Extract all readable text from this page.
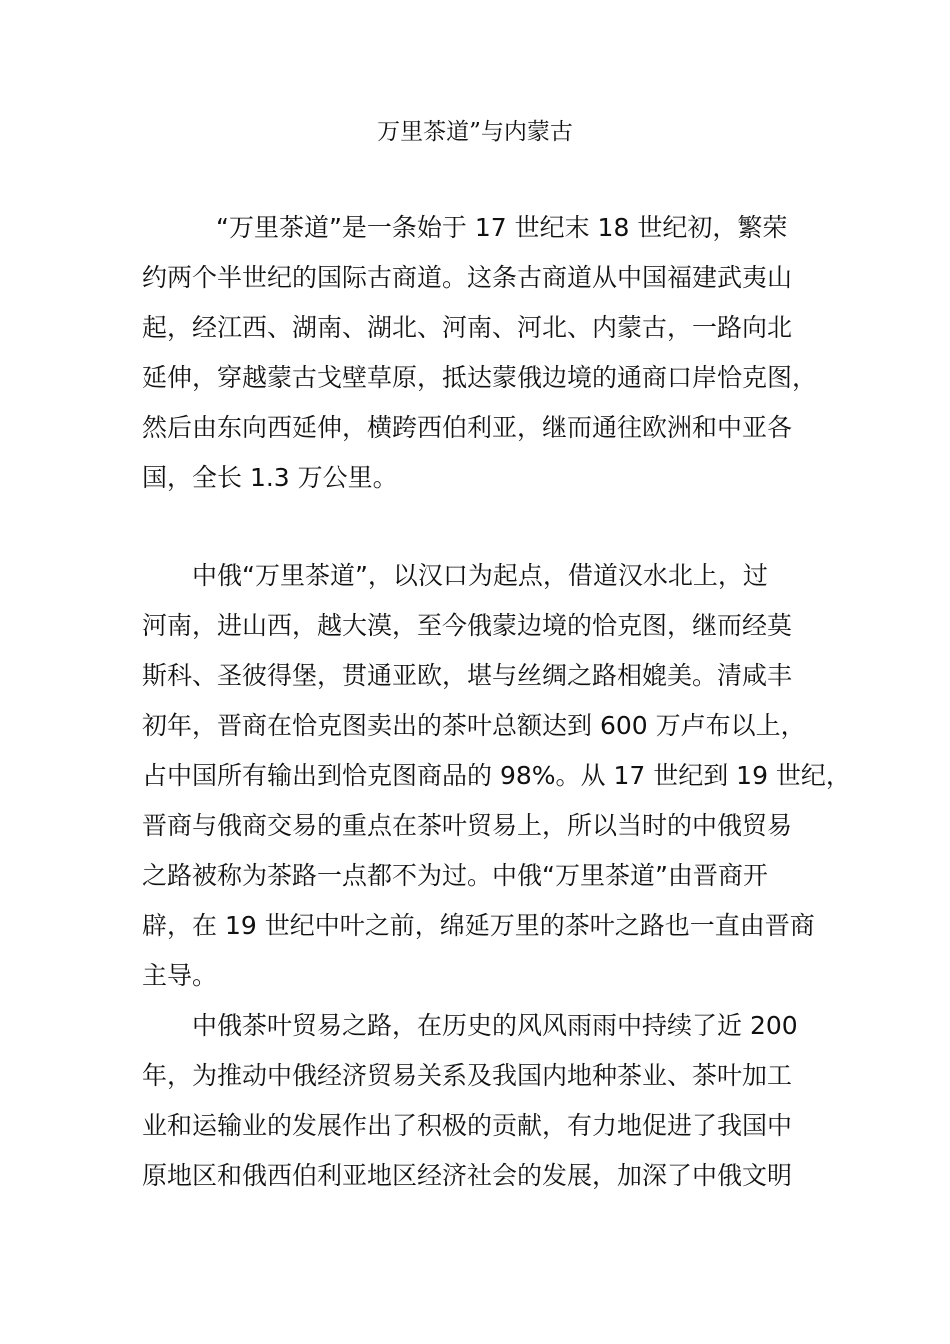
万里茶道”与内蒙古
“万里茶道”是一条始于 17 世纪末 18 世纪初，繁荣
约两个半世纪的国际古商道。这条古商道从中国福建武夷山
起，经江西、湖南、湖北、河南、河北、内蒙古，一路向北
延伸，穿越蒙古戈壁草原，抵达蒙俄边境的通商口岸恰克图，
然后由东向西延伸，横跨西伯利亚，继而通往欧洲和中亚各
国，全长 1.3 万公里。
中俄“万里茶道”，以汉口为起点，借道汉水北上，过
河南，进山西，越大漠，至今俄蒙边境的恰克图，继而经莫
斯科、圣彼得堡，贯通亚欧，堪与丝绸之路相媲美。清咸丰
初年，晋商在恰克图卖出的茶叶总额达到 600 万卢布以上，
占中国所有输出到恰克图商品的 98%。从 17 世纪到 19 世纪，
晋商与俄商交易的重点在茶叶贸易上，所以当时的中俄贸易
之路被称为茶路一点都不为过。中俄“万里茶道”由晋商开
辟，在 19 世纪中叶之前，绵延万里的茶叶之路也一直由晋商
主导。
中俄茶叶贸易之路，在历史的风风雨雨中持续了近 200
年，为推动中俄经济贸易关系及我国内地种茶业、茶叶加工
业和运输业的发展作出了积极的贡献，有力地促进了我国中
原地区和俄西伯利亚地区经济社会的发展，加深了中俄文明
